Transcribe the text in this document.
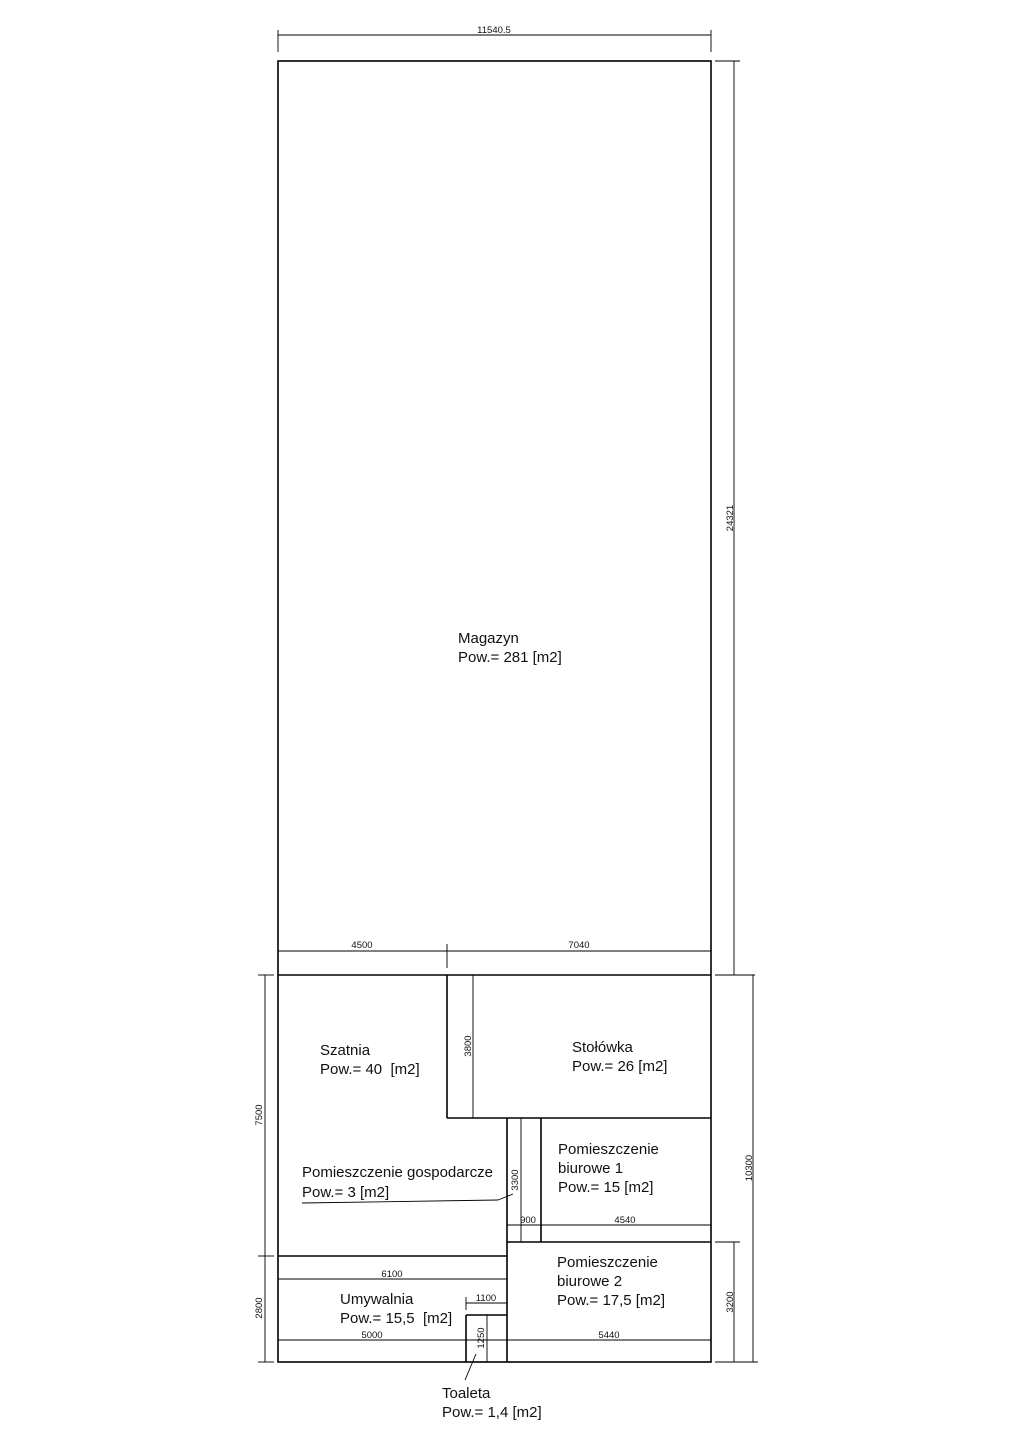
11540.5
24321
10300
3200
7500
2800
4500	7040
3800
3300
900	4540
6100
1100
5000	1250	5440
Magazyn
Pow.= 281 [m2]
Szatnia
Pow.= 40  [m2]
Stołówka
Pow.= 26 [m2]
Pomieszczenie gospodarcze
Pow.= 3 [m2]
Pomieszczenie
biurowe 1
Pow.= 15 [m2]
Pomieszczenie
biurowe 2
Pow.= 17,5 [m2]
Umywalnia
Pow.= 15,5  [m2]
Toaleta
Pow.= 1,4 [m2]
